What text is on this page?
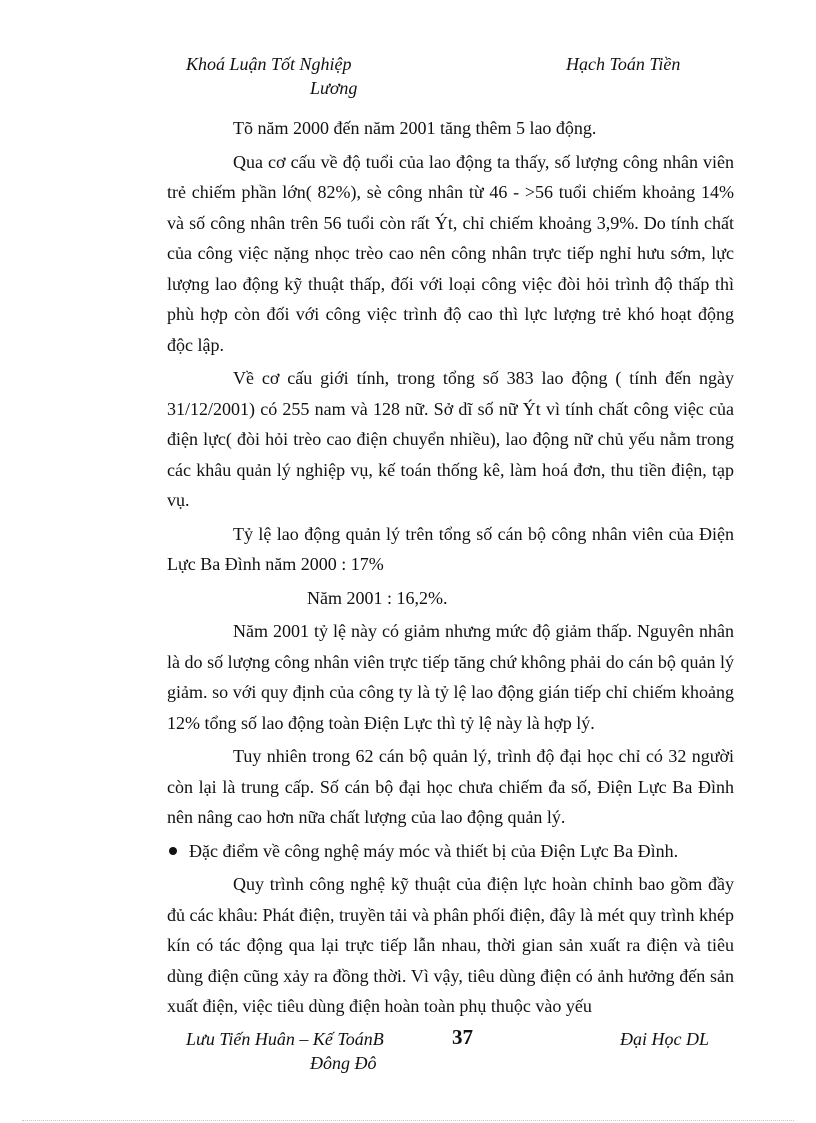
Khoá Luận Tốt Nghiệp
Lương
Hạch Toán Tiền

Tõ năm 2000 đến năm 2001 tăng thêm 5 lao động.

Qua cơ cấu về độ tuổi của lao động ta thấy, số lượng công nhân viên trẻ chiếm phần lớn( 82%), sè công nhân từ 46 - >56 tuổi chiếm khoảng 14% và số công nhân trên 56 tuổi còn rất Ýt, chỉ chiếm khoảng 3,9%. Do tính chất của công việc nặng nhọc trèo cao nên công nhân trực tiếp nghỉ hưu sớm, lực lượng lao động kỹ thuật thấp, đối với loại công việc đòi hỏi trình độ thấp thì phù hợp còn đối với công việc trình độ cao thì lực lượng trẻ khó hoạt động độc lập.

Về cơ cấu giới tính, trong tổng số 383 lao động ( tính đến ngày 31/12/2001) có 255 nam và 128 nữ. Sở dĩ số nữ Ýt vì tính chất công việc của điện lực( đòi hỏi trèo cao điện chuyển nhiều), lao động nữ chủ yếu nằm trong các khâu quản lý nghiệp vụ, kế toán thống kê, làm hoá đơn, thu tiền điện, tạp vụ.

Tỷ lệ lao động quản lý trên tổng số cán bộ công nhân viên của Điện Lực Ba Đình năm 2000 : 17%

Năm 2001 : 16,2%.

Năm 2001 tỷ lệ này có giảm nhưng mức độ giảm thấp. Nguyên nhân là do số lượng công nhân viên trực tiếp tăng chứ không phải do cán bộ quản lý giảm. so với quy định của công ty là tỷ lệ lao động gián tiếp chỉ chiếm khoảng 12% tổng số lao động toàn Điện Lực thì tỷ lệ này là hợp lý.

Tuy nhiên trong 62 cán bộ quản lý, trình độ đại học chỉ có 32 người còn lại là trung cấp. Số cán bộ đại học chưa chiếm đa số, Điện Lực Ba Đình nên nâng cao hơn nữa chất lượng của lao động quản lý.

Đặc điểm về công nghệ máy móc và thiết bị của Điện Lực Ba Đình.

Quy trình công nghệ kỹ thuật của điện lực hoàn chỉnh bao gồm đầy đủ các khâu: Phát điện, truyền tải và phân phối điện, đây là mét quy trình khép kín có tác động qua lại trực tiếp lẫn nhau, thời gian sản xuất ra điện và tiêu dùng điện cũng xảy ra đồng thời. Vì vậy, tiêu dùng điện có ảnh hưởng đến sản xuất điện, việc tiêu dùng điện hoàn toàn phụ thuộc vào yếu

Lưu Tiến Huân – Kế ToánB
Đông Đô
37	Đại Học DL
